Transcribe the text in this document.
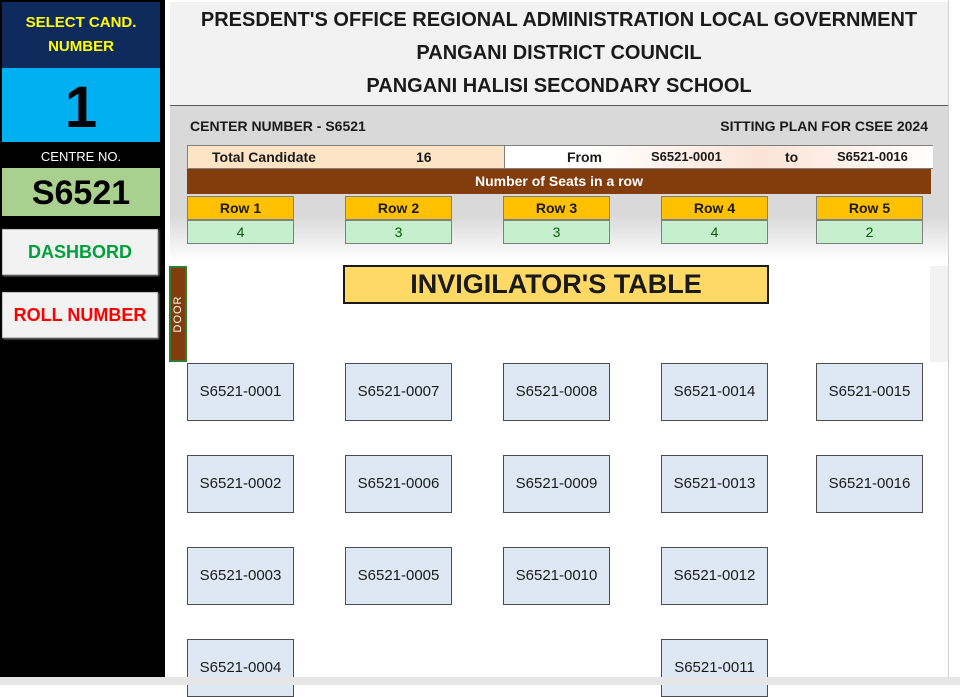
SELECT CAND. NUMBER
1
CENTRE NO.
S6521
DASHBORD
ROLL NUMBER
PRESDENT'S OFFICE REGIONAL ADMINISTRATION LOCAL GOVERNMENT
PANGANI DISTRICT COUNCIL
PANGANI HALISI SECONDARY SCHOOL
CENTER NUMBER - S6521	SITTING PLAN FOR CSEE 2024
Total Candidate	16	From	S6521-0001	to	S6521-0016
Number of Seats in a row
Row 1	Row 2	Row 3	Row 4	Row 5
4	3	3	4	2
DOOR
INVIGILATOR'S TABLE
S6521-0001
S6521-0002
S6521-0003
S6521-0004
S6521-0007
S6521-0006
S6521-0005
S6521-0008
S6521-0009
S6521-0010
S6521-0014
S6521-0013
S6521-0012
S6521-0011
S6521-0015
S6521-0016
